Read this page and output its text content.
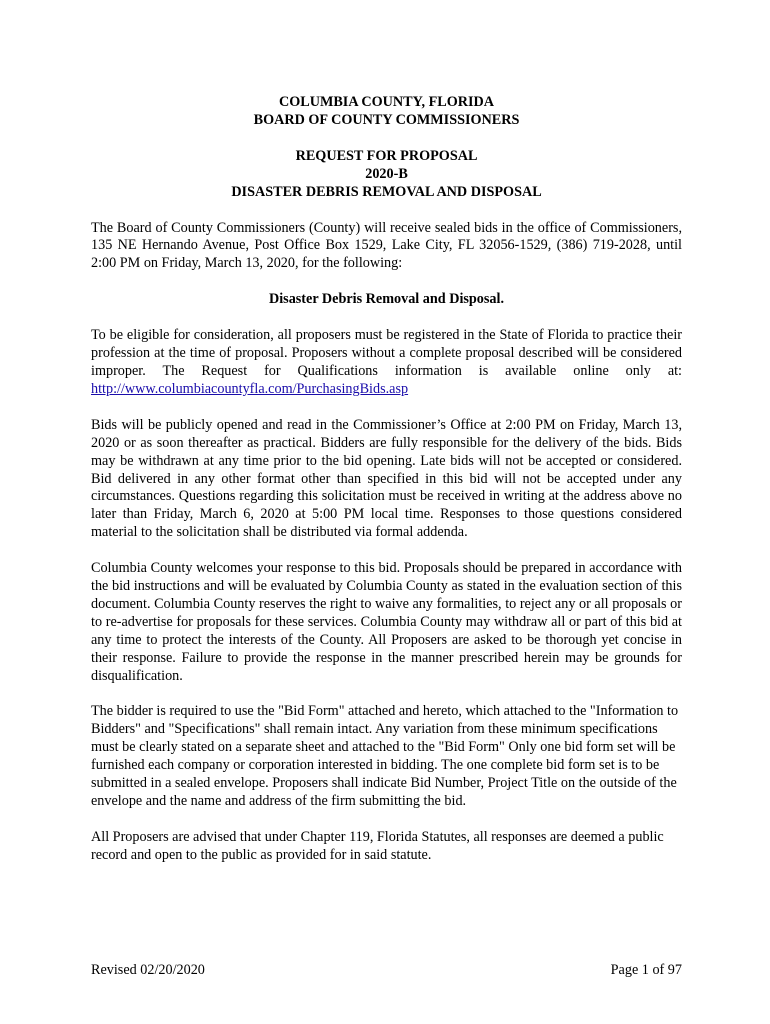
COLUMBIA COUNTY, FLORIDA

BOARD OF COUNTY COMMISSIONERS

REQUEST FOR PROPOSAL

2020-B

DISASTER DEBRIS REMOVAL AND DISPOSAL

The Board of County Commissioners (County) will receive sealed bids in the office of Commissioners, 135 NE Hernando Avenue, Post Office Box 1529, Lake City, FL 32056-1529, (386) 719-2028, until 2:00 PM on Friday, March 13, 2020, for the following:

Disaster Debris Removal and Disposal.

To be eligible for consideration, all proposers must be registered in the State of Florida to practice their profession at the time of proposal. Proposers without a complete proposal described will be considered improper. The Request for Qualifications information is available online only at: http://www.columbiacountyfla.com/PurchasingBids.asp

Bids will be publicly opened and read in the Commissioner’s Office at 2:00 PM on Friday, March 13, 2020 or as soon thereafter as practical. Bidders are fully responsible for the delivery of the bids. Bids may be withdrawn at any time prior to the bid opening. Late bids will not be accepted or considered. Bid delivered in any other format other than specified in this bid will not be accepted under any circumstances. Questions regarding this solicitation must be received in writing at the address above no later than Friday, March 6, 2020 at 5:00 PM local time. Responses to those questions considered material to the solicitation shall be distributed via formal addenda.

Columbia County welcomes your response to this bid. Proposals should be prepared in accordance with the bid instructions and will be evaluated by Columbia County as stated in the evaluation section of this document. Columbia County reserves the right to waive any formalities, to reject any or all proposals or to re-advertise for proposals for these services. Columbia County may withdraw all or part of this bid at any time to protect the interests of the County. All Proposers are asked to be thorough yet concise in their response. Failure to provide the response in the manner prescribed herein may be grounds for disqualification.

The bidder is required to use the "Bid Form" attached and hereto, which attached to the "Information to Bidders" and "Specifications" shall remain intact. Any variation from these minimum specifications must be clearly stated on a separate sheet and attached to the "Bid Form" Only one bid form set will be furnished each company or corporation interested in bidding. The one complete bid form set is to be submitted in a sealed envelope. Proposers shall indicate Bid Number, Project Title on the outside of the envelope and the name and address of the firm submitting the bid.

All Proposers are advised that under Chapter 119, Florida Statutes, all responses are deemed a public record and open to the public as provided for in said statute.

Revised 02/20/2020	Page 1 of 97
